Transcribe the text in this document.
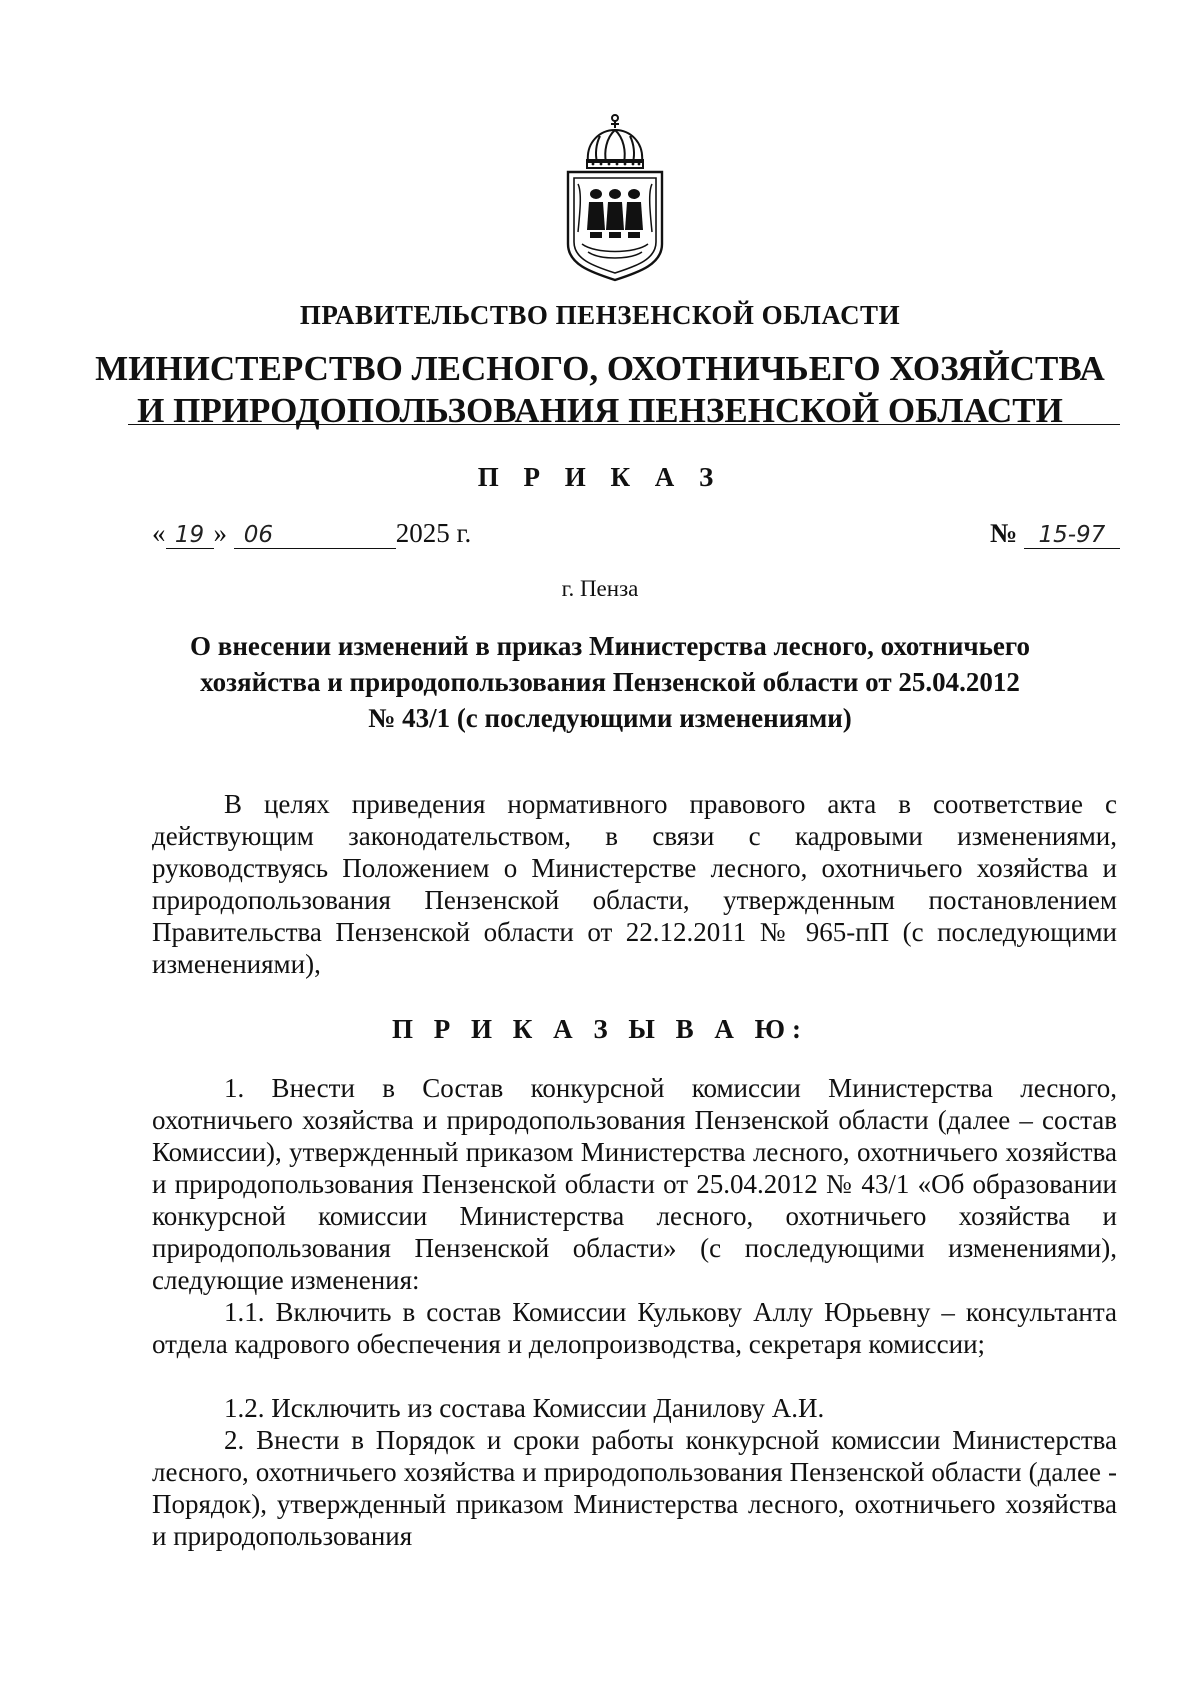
ПРАВИТЕЛЬСТВО ПЕНЗЕНСКОЙ ОБЛАСТИ
МИНИСТЕРСТВО ЛЕСНОГО, ОХОТНИЧЬЕГО ХОЗЯЙСТВА
И ПРИРОДОПОЛЬЗОВАНИЯ ПЕНЗЕНСКОЙ ОБЛАСТИ
П Р И К А З
« 19 » 06	2025 г.	№ 15-97
г. Пенза
О внесении изменений в приказ Министерства лесного, охотничьего
хозяйства и природопользования Пензенской области от 25.04.2012
№ 43/1 (с последующими изменениями)

В целях приведения нормативного правового акта в соответствие с действующим законодательством, в связи с кадровыми изменениями, руководствуясь Положением о Министерстве лесного, охотничьего хозяйства и природопользования Пензенской области, утвержденным постановлением Правительства Пензенской области от 22.12.2011 № 965-пП (с последующими изменениями),

П Р И К А З Ы В А Ю:

1. Внести в Состав конкурсной комиссии Министерства лесного, охотничьего хозяйства и природопользования Пензенской области (далее – состав Комиссии), утвержденный приказом Министерства лесного, охотничьего хозяйства и природопользования Пензенской области от 25.04.2012 № 43/1 «Об образовании конкурсной комиссии Министерства лесного, охотничьего хозяйства и природопользования Пензенской области» (с последующими изменениями), следующие изменения:

1.1. Включить в состав Комиссии Кулькову Аллу Юрьевну – консультанта отдела кадрового обеспечения и делопроизводства, секретаря комиссии;

1.2. Исключить из состава Комиссии Данилову А.И.

2. Внести в Порядок и сроки работы конкурсной комиссии Министерства лесного, охотничьего хозяйства и природопользования Пензенской области (далее - Порядок), утвержденный приказом Министерства лесного, охотничьего хозяйства и природопользования
